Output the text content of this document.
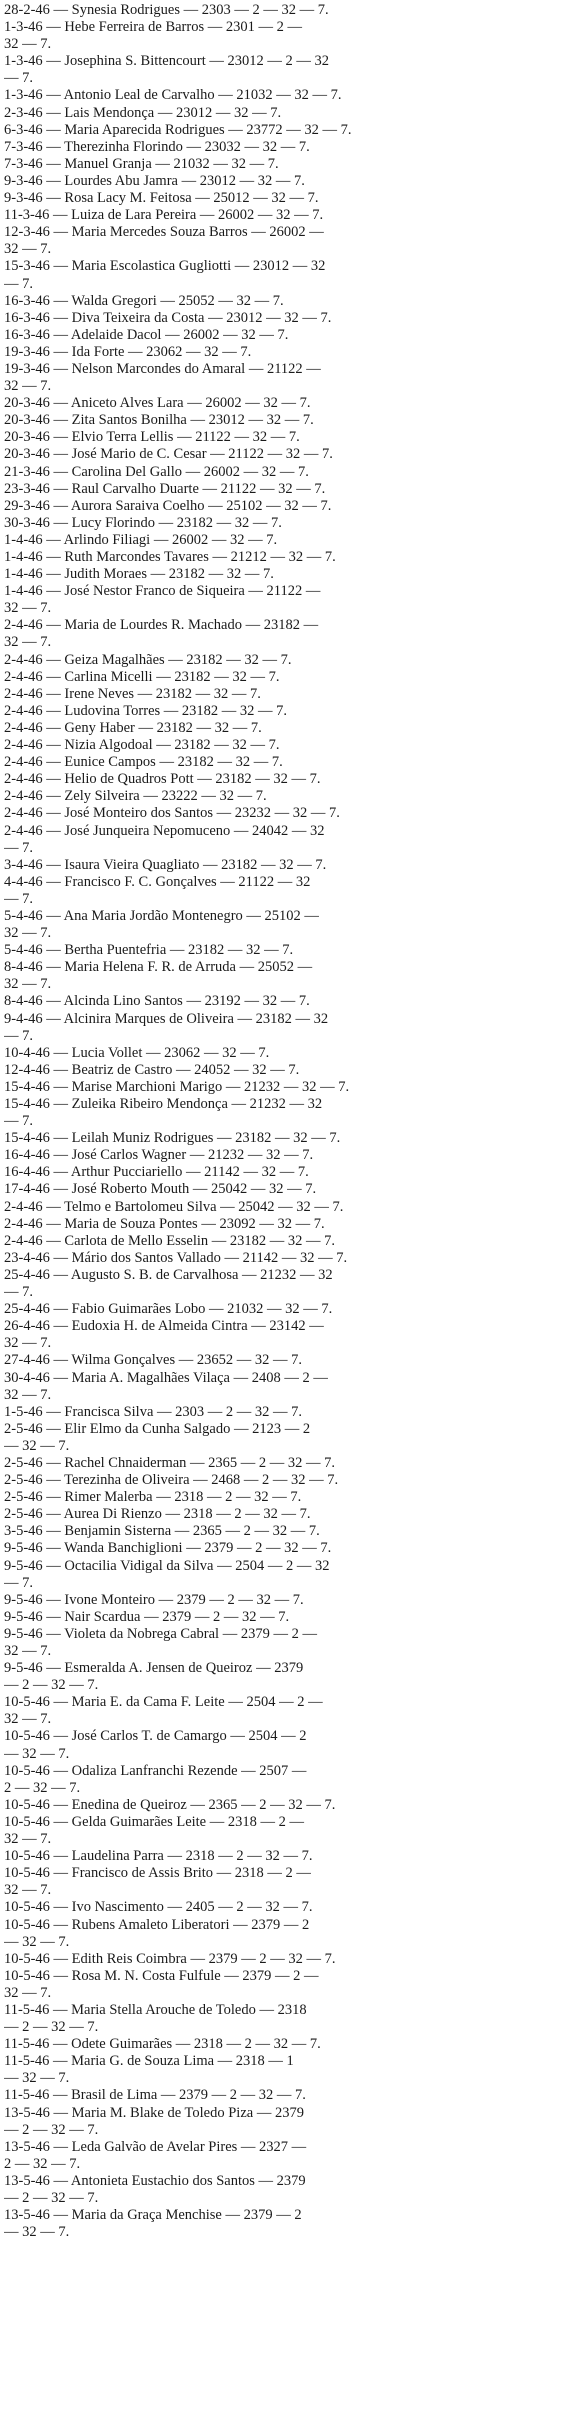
28-2-46 — Synesia Rodrigues — 2303 — 2 — 32 — 7.
1-3-46 — Hebe Ferreira de Barros — 2301 — 2 —
32 — 7.
1-3-46 — Josephina S. Bittencourt — 23012 — 2 — 32
— 7.
1-3-46 — Antonio Leal de Carvalho — 21032 — 32 — 7.
2-3-46 — Lais Mendonça — 23012 — 32 — 7.
6-3-46 — Maria Aparecida Rodrigues — 23772 — 32 — 7.
7-3-46 — Therezinha Florindo — 23032 — 32 — 7.
7-3-46 — Manuel Granja — 21032 — 32 — 7.
9-3-46 — Lourdes Abu Jamra — 23012 — 32 — 7.
9-3-46 — Rosa Lacy M. Feitosa — 25012 — 32 — 7.
11-3-46 — Luiza de Lara Pereira — 26002 — 32 — 7.
12-3-46 — Maria Mercedes Souza Barros — 26002 —
32 — 7.
15-3-46 — Maria Escolastica Gugliotti — 23012 — 32
— 7.
16-3-46 — Walda Gregori — 25052 — 32 — 7.
16-3-46 — Diva Teixeira da Costa — 23012 — 32 — 7.
16-3-46 — Adelaide Dacol — 26002 — 32 — 7.
19-3-46 — Ida Forte — 23062 — 32 — 7.
19-3-46 — Nelson Marcondes do Amaral — 21122 —
32 — 7.
20-3-46 — Aniceto Alves Lara — 26002 — 32 — 7.
20-3-46 — Zita Santos Bonilha — 23012 — 32 — 7.
20-3-46 — Elvio Terra Lellis — 21122 — 32 — 7.
20-3-46 — José Mario de C. Cesar — 21122 — 32 — 7.
21-3-46 — Carolina Del Gallo — 26002 — 32 — 7.
23-3-46 — Raul Carvalho Duarte — 21122 — 32 — 7.
29-3-46 — Aurora Saraiva Coelho — 25102 — 32 — 7.
30-3-46 — Lucy Florindo — 23182 — 32 — 7.
1-4-46 — Arlindo Filiagi — 26002 — 32 — 7.
1-4-46 — Ruth Marcondes Tavares — 21212 — 32 — 7.
1-4-46 — Judith Moraes — 23182 — 32 — 7.
1-4-46 — José Nestor Franco de Siqueira — 21122 —
32 — 7.
2-4-46 — Maria de Lourdes R. Machado — 23182 —
32 — 7.
2-4-46 — Geiza Magalhães — 23182 — 32 — 7.
2-4-46 — Carlina Micelli — 23182 — 32 — 7.
2-4-46 — Irene Neves — 23182 — 32 — 7.
2-4-46 — Ludovina Torres — 23182 — 32 — 7.
2-4-46 — Geny Haber — 23182 — 32 — 7.
2-4-46 — Nizia Algodoal — 23182 — 32 — 7.
2-4-46 — Eunice Campos — 23182 — 32 — 7.
2-4-46 — Helio de Quadros Pott — 23182 — 32 — 7.
2-4-46 — Zely Silveira — 23222 — 32 — 7.
2-4-46 — José Monteiro dos Santos — 23232 — 32 — 7.
2-4-46 — José Junqueira Nepomuceno — 24042 — 32
— 7.
3-4-46 — Isaura Vieira Quagliato — 23182 — 32 — 7.
4-4-46 — Francisco F. C. Gonçalves — 21122 — 32
— 7.
5-4-46 — Ana Maria Jordão Montenegro — 25102 —
32 — 7.
5-4-46 — Bertha Puentefria — 23182 — 32 — 7.
8-4-46 — Maria Helena F. R. de Arruda — 25052 —
32 — 7.
8-4-46 — Alcinda Lino Santos — 23192 — 32 — 7.
9-4-46 — Alcinira Marques de Oliveira — 23182 — 32
— 7.
10-4-46 — Lucia Vollet — 23062 — 32 — 7.
12-4-46 — Beatriz de Castro — 24052 — 32 — 7.
15-4-46 — Marise Marchioni Marigo — 21232 — 32 — 7.
15-4-46 — Zuleika Ribeiro Mendonça — 21232 — 32
— 7.
15-4-46 — Leilah Muniz Rodrigues — 23182 — 32 — 7.
16-4-46 — José Carlos Wagner — 21232 — 32 — 7.
16-4-46 — Arthur Pucciariello — 21142 — 32 — 7.
17-4-46 — José Roberto Mouth — 25042 — 32 — 7.
2-4-46 — Telmo e Bartolomeu Silva — 25042 — 32 — 7.
2-4-46 — Maria de Souza Pontes — 23092 — 32 — 7.
2-4-46 — Carlota de Mello Esselin — 23182 — 32 — 7.
23-4-46 — Mário dos Santos Vallado — 21142 — 32 — 7.
25-4-46 — Augusto S. B. de Carvalhosa — 21232 — 32
— 7.
25-4-46 — Fabio Guimarães Lobo — 21032 — 32 — 7.
26-4-46 — Eudoxia H. de Almeida Cintra — 23142 —
32 — 7.
27-4-46 — Wilma Gonçalves — 23652 — 32 — 7.
30-4-46 — Maria A. Magalhães Vilaça — 2408 — 2 —
32 — 7.
1-5-46 — Francisca Silva — 2303 — 2 — 32 — 7.
2-5-46 — Elir Elmo da Cunha Salgado — 2123 — 2
— 32 — 7.
2-5-46 — Rachel Chnaiderman — 2365 — 2 — 32 — 7.
2-5-46 — Terezinha de Oliveira — 2468 — 2 — 32 — 7.
2-5-46 — Rimer Malerba — 2318 — 2 — 32 — 7.
2-5-46 — Aurea Di Rienzo — 2318 — 2 — 32 — 7.
3-5-46 — Benjamin Sisterna — 2365 — 2 — 32 — 7.
9-5-46 — Wanda Banchiglioni — 2379 — 2 — 32 — 7.
9-5-46 — Octacilia Vidigal da Silva — 2504 — 2 — 32
— 7.
9-5-46 — Ivone Monteiro — 2379 — 2 — 32 — 7.
9-5-46 — Nair Scardua — 2379 — 2 — 32 — 7.
9-5-46 — Violeta da Nobrega Cabral — 2379 — 2 —
32 — 7.
9-5-46 — Esmeralda A. Jensen de Queiroz — 2379
— 2 — 32 — 7.
10-5-46 — Maria E. da Cama F. Leite — 2504 — 2 —
32 — 7.
10-5-46 — José Carlos T. de Camargo — 2504 — 2
— 32 — 7.
10-5-46 — Odaliza Lanfranchi Rezende — 2507 —
2 — 32 — 7.
10-5-46 — Enedina de Queiroz — 2365 — 2 — 32 — 7.
10-5-46 — Gelda Guimarães Leite — 2318 — 2 —
32 — 7.
10-5-46 — Laudelina Parra — 2318 — 2 — 32 — 7.
10-5-46 — Francisco de Assis Brito — 2318 — 2 —
32 — 7.
10-5-46 — Ivo Nascimento — 2405 — 2 — 32 — 7.
10-5-46 — Rubens Amaleto Liberatori — 2379 — 2
— 32 — 7.
10-5-46 — Edith Reis Coimbra — 2379 — 2 — 32 — 7.
10-5-46 — Rosa M. N. Costa Fulfule — 2379 — 2 —
32 — 7.
11-5-46 — Maria Stella Arouche de Toledo — 2318
— 2 — 32 — 7.
11-5-46 — Odete Guimarães — 2318 — 2 — 32 — 7.
11-5-46 — Maria G. de Souza Lima — 2318 — 1
— 32 — 7.
11-5-46 — Brasil de Lima — 2379 — 2 — 32 — 7.
13-5-46 — Maria M. Blake de Toledo Piza — 2379
— 2 — 32 — 7.
13-5-46 — Leda Galvão de Avelar Pires — 2327 —
2 — 32 — 7.
13-5-46 — Antonieta Eustachio dos Santos — 2379
— 2 — 32 — 7.
13-5-46 — Maria da Graça Menchise — 2379 — 2
— 32 — 7.
